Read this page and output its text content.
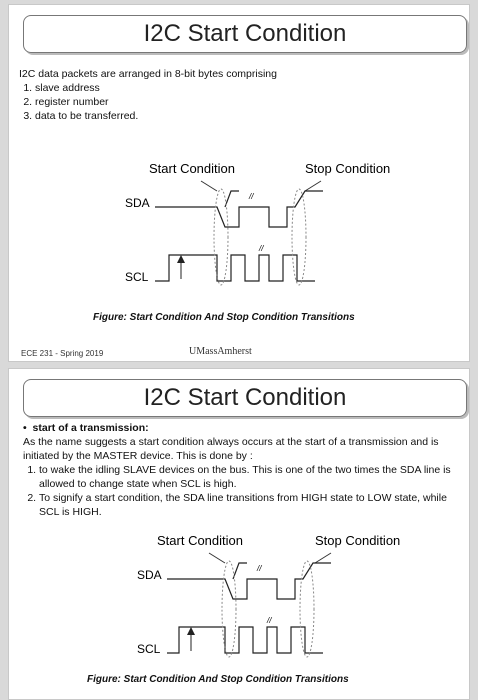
I2C Start Condition
I2C data packets are arranged in 8-bit bytes comprising
1. slave address
2. register number
3. data to be transferred.
Start Condition	Stop Condition
SDA	//
SCL
//
Figure: Start Condition And Stop Condition Transitions
ECE 231 - Spring 2019	UMassAmherst
I2C Start Condition
•  start of a transmission:
As the name suggests a start condition always occurs at the start of a transmission and is initiated by the MASTER device. This is done by :
1. to wake the idling SLAVE devices on the bus. This is one of the two times the SDA line is allowed to change state when SCL is high.
2. To signify a start condition, the SDA line transitions from HIGH state to LOW state, while SCL is HIGH.
Start Condition	Stop Condition
SDA	//
SCL
//
Figure: Start Condition And Stop Condition Transitions
